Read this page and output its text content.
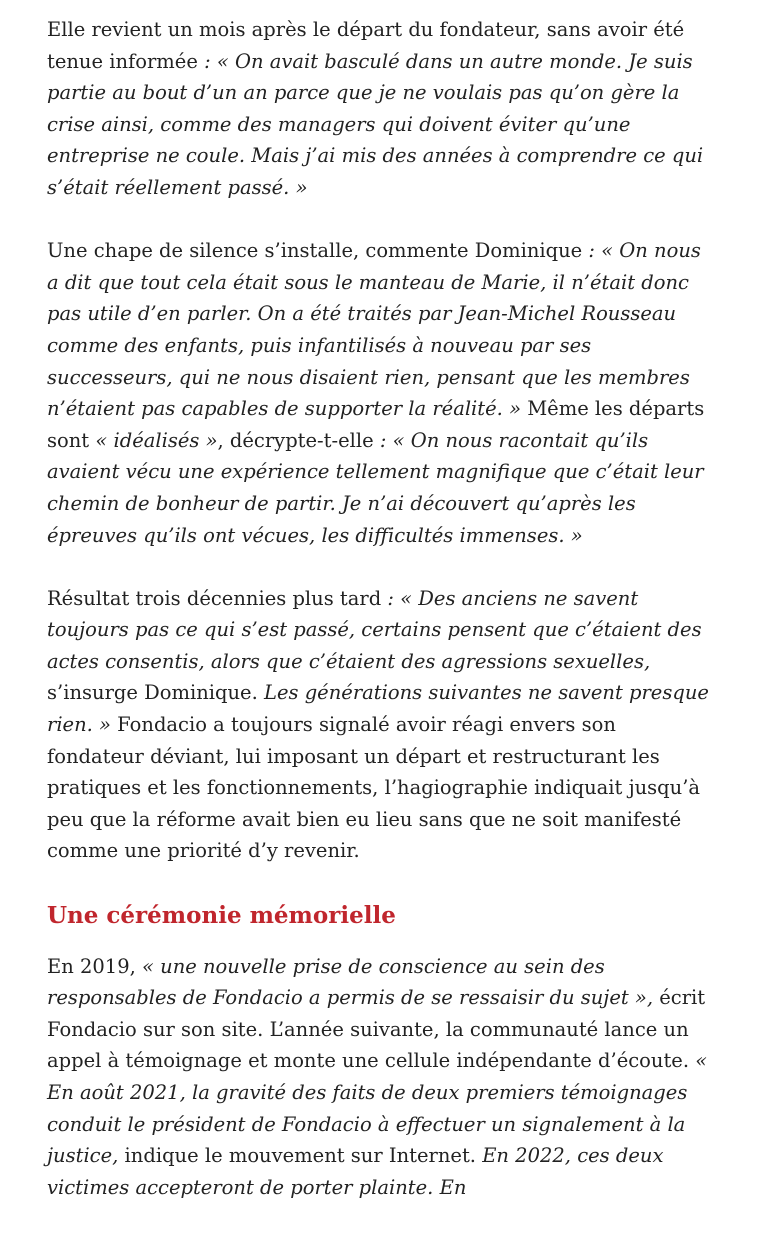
Elle revient un mois après le départ du fondateur, sans avoir été tenue informée : « On avait basculé dans un autre monde. Je suis partie au bout d’un an parce que je ne voulais pas qu’on gère la crise ainsi, comme des managers qui doivent éviter qu’une entreprise ne coule. Mais j’ai mis des années à comprendre ce qui s’était réellement passé. »

Une chape de silence s’installe, commente Dominique : « On nous a dit que tout cela était sous le manteau de Marie, il n’était donc pas utile d’en parler. On a été traités par Jean-Michel Rousseau comme des enfants, puis infantilisés à nouveau par ses successeurs, qui ne nous disaient rien, pensant que les membres n’étaient pas capables de supporter la réalité. » Même les départs sont « idéalisés », décrypte-t-elle : « On nous racontait qu’ils avaient vécu une expérience tellement magnifique que c’était leur chemin de bonheur de partir. Je n’ai découvert qu’après les épreuves qu’ils ont vécues, les difficultés immenses. »

Résultat trois décennies plus tard : « Des anciens ne savent toujours pas ce qui s’est passé, certains pensent que c’étaient des actes consentis, alors que c’étaient des agressions sexuelles, s’insurge Dominique. Les générations suivantes ne savent presque rien. » Fondacio a toujours signalé avoir réagi envers son fondateur déviant, lui imposant un départ et restructurant les pratiques et les fonctionnements, l’hagiographie indiquait jusqu’à peu que la réforme avait bien eu lieu sans que ne soit manifesté comme une priorité d’y revenir.

Une cérémonie mémorielle

En 2019, « une nouvelle prise de conscience au sein des responsables de Fondacio a permis de se ressaisir du sujet », écrit Fondacio sur son site. L’année suivante, la communauté lance un appel à témoignage et monte une cellule indépendante d’écoute. « En août 2021, la gravité des faits de deux premiers témoignages conduit le président de Fondacio à effectuer un signalement à la justice, indique le mouvement sur Internet. En 2022, ces deux victimes accepteront de porter plainte. En
